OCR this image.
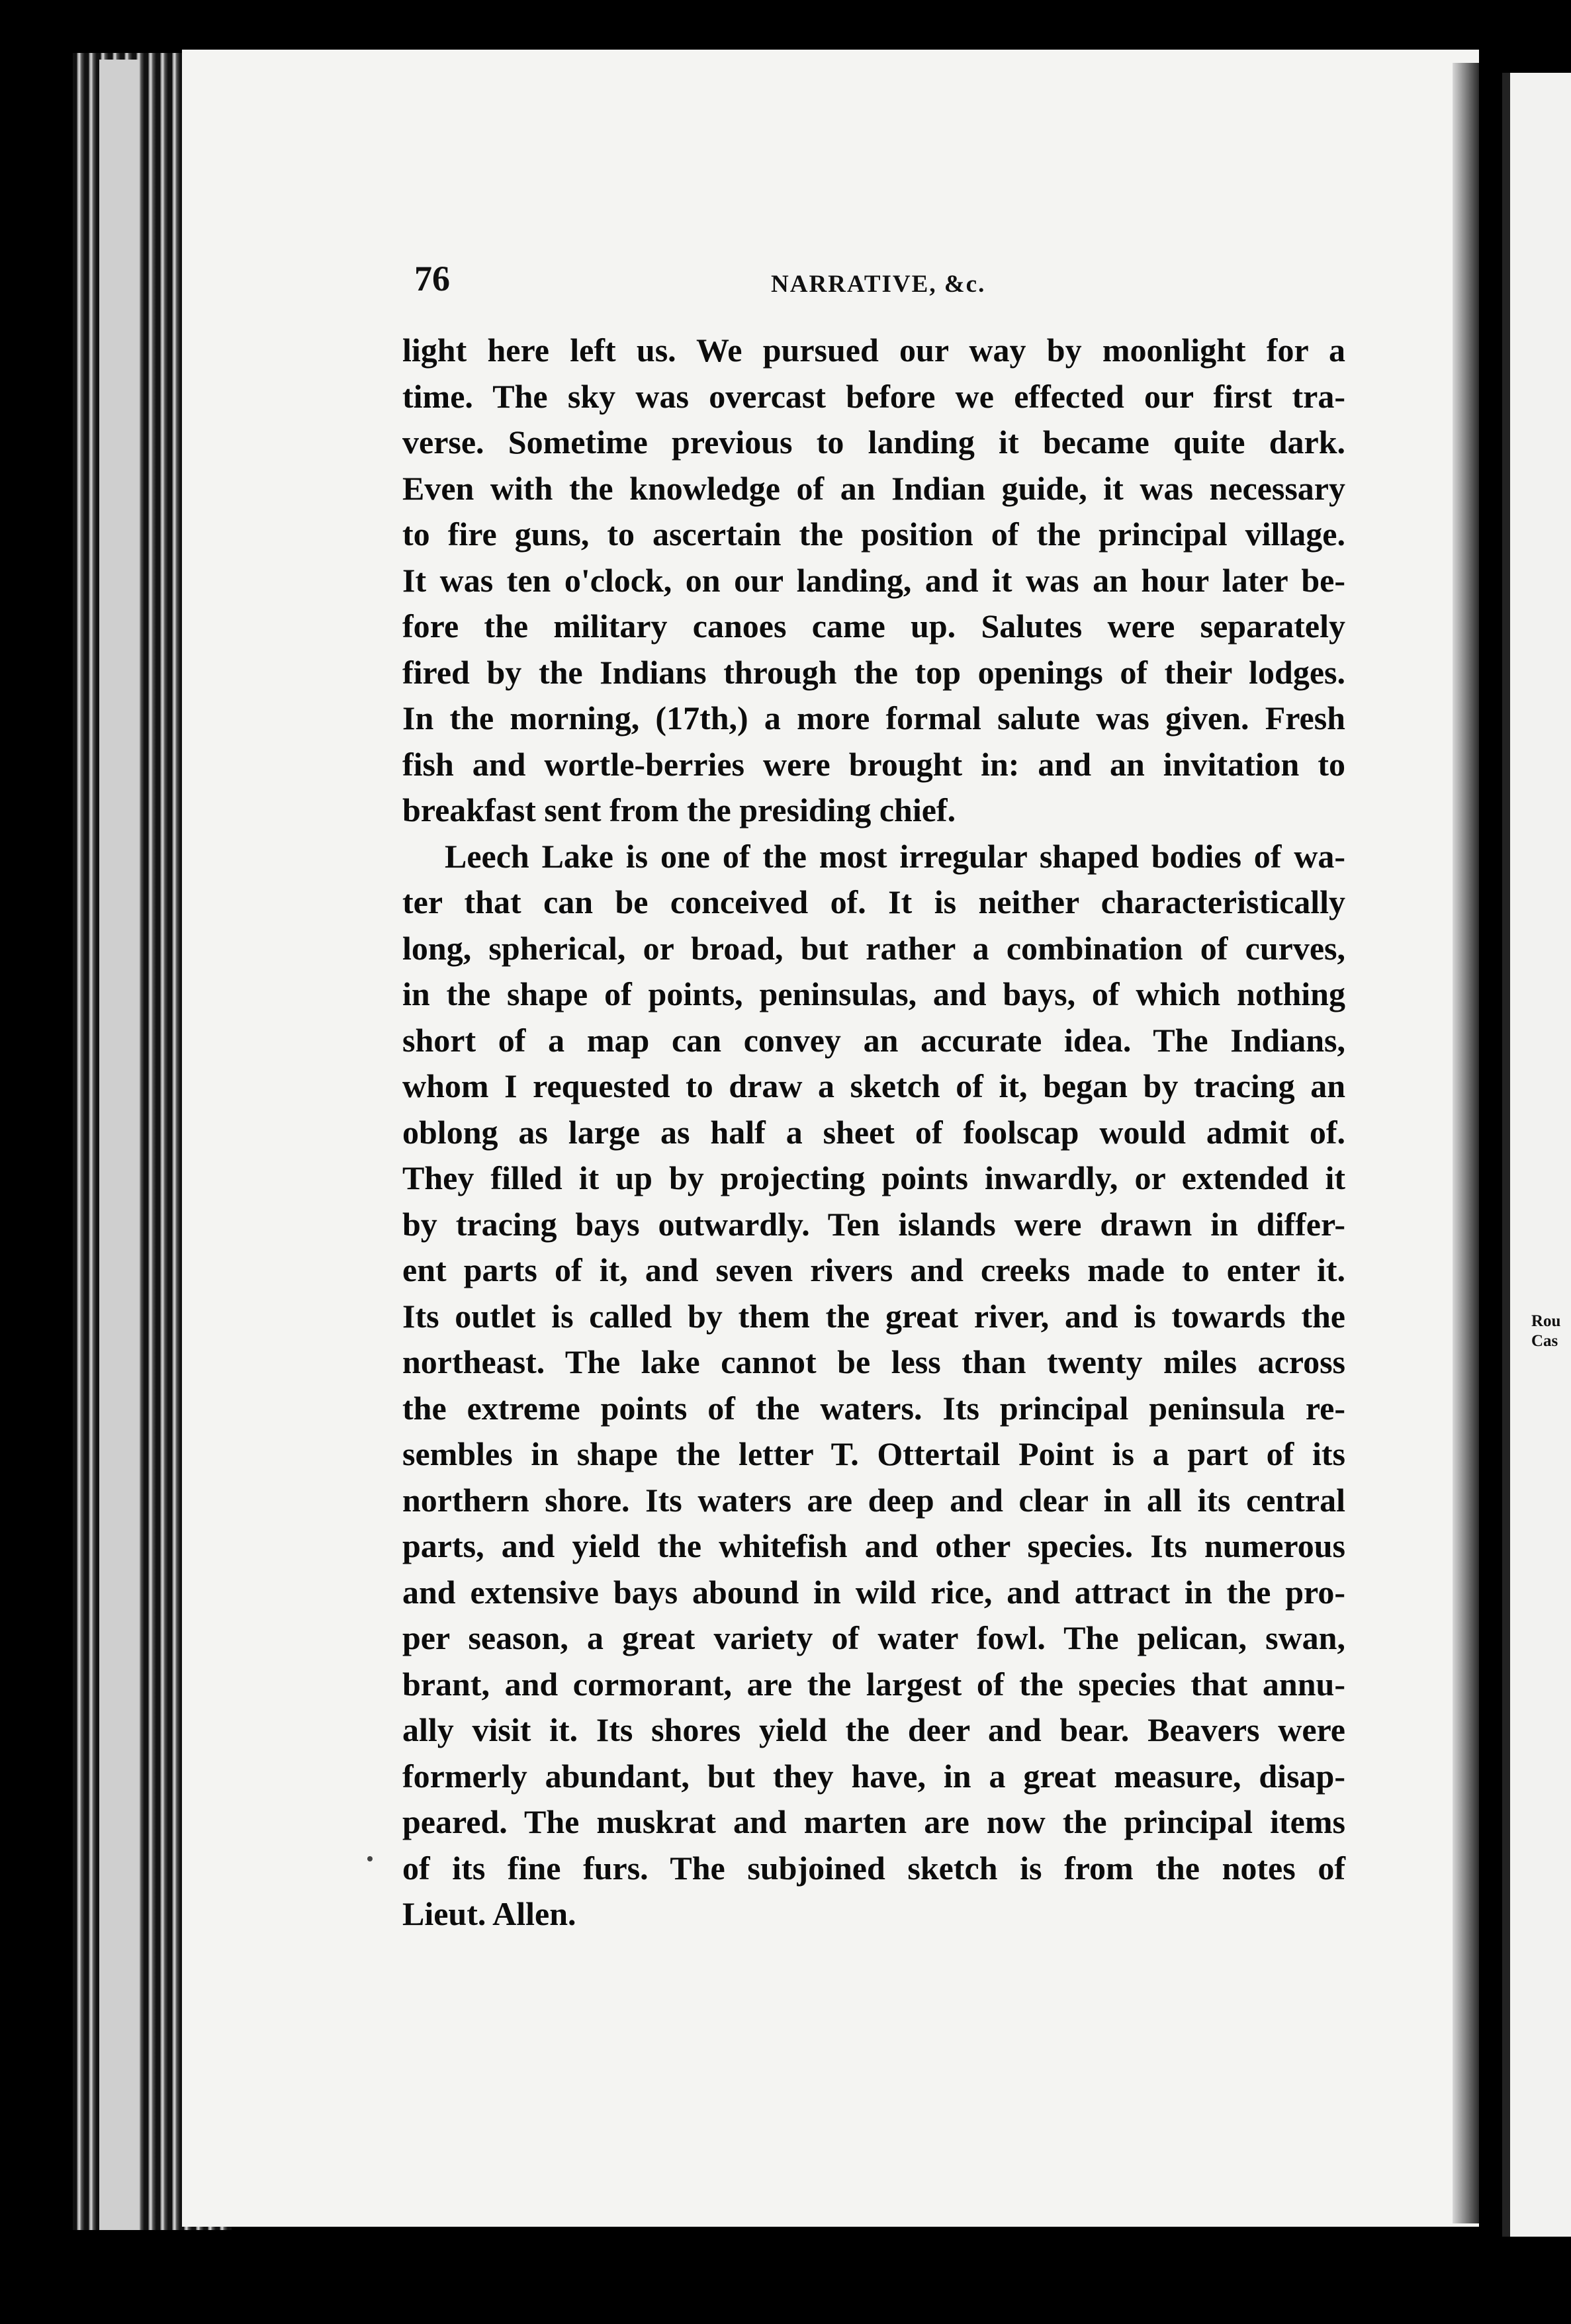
76	NARRATIVE, &c.

light here left us. We pursued our way by moonlight for a

time. The sky was overcast before we effected our first tra-

verse. Sometime previous to landing it became quite dark.

Even with the knowledge of an Indian guide, it was necessary

to fire guns, to ascertain the position of the principal village.

It was ten o'clock, on our landing, and it was an hour later be-

fore the military canoes came up. Salutes were separately

fired by the Indians through the top openings of their lodges.

In the morning, (17th,) a more formal salute was given. Fresh

fish and wortle-berries were brought in: and an invitation to

breakfast sent from the presiding chief.

Leech Lake is one of the most irregular shaped bodies of wa-

ter that can be conceived of. It is neither characteristically

long, spherical, or broad, but rather a combination of curves,

in the shape of points, peninsulas, and bays, of which nothing

short of a map can convey an accurate idea. The Indians,

whom I requested to draw a sketch of it, began by tracing an

oblong as large as half a sheet of foolscap would admit of.

They filled it up by projecting points inwardly, or extended it

by tracing bays outwardly. Ten islands were drawn in differ-

ent parts of it, and seven rivers and creeks made to enter it.

Its outlet is called by them the great river, and is towards the

northeast. The lake cannot be less than twenty miles across

the extreme points of the waters. Its principal peninsula re-

sembles in shape the letter T. Ottertail Point is a part of its

northern shore. Its waters are deep and clear in all its central

parts, and yield the whitefish and other species. Its numerous

and extensive bays abound in wild rice, and attract in the pro-

per season, a great variety of water fowl. The pelican, swan,

brant, and cormorant, are the largest of the species that annu-

ally visit it. Its shores yield the deer and bear. Beavers were

formerly abundant, but they have, in a great measure, disap-

peared. The muskrat and marten are now the principal items

of its fine furs. The subjoined sketch is from the notes of

Lieut. Allen.

Rou
Cas
